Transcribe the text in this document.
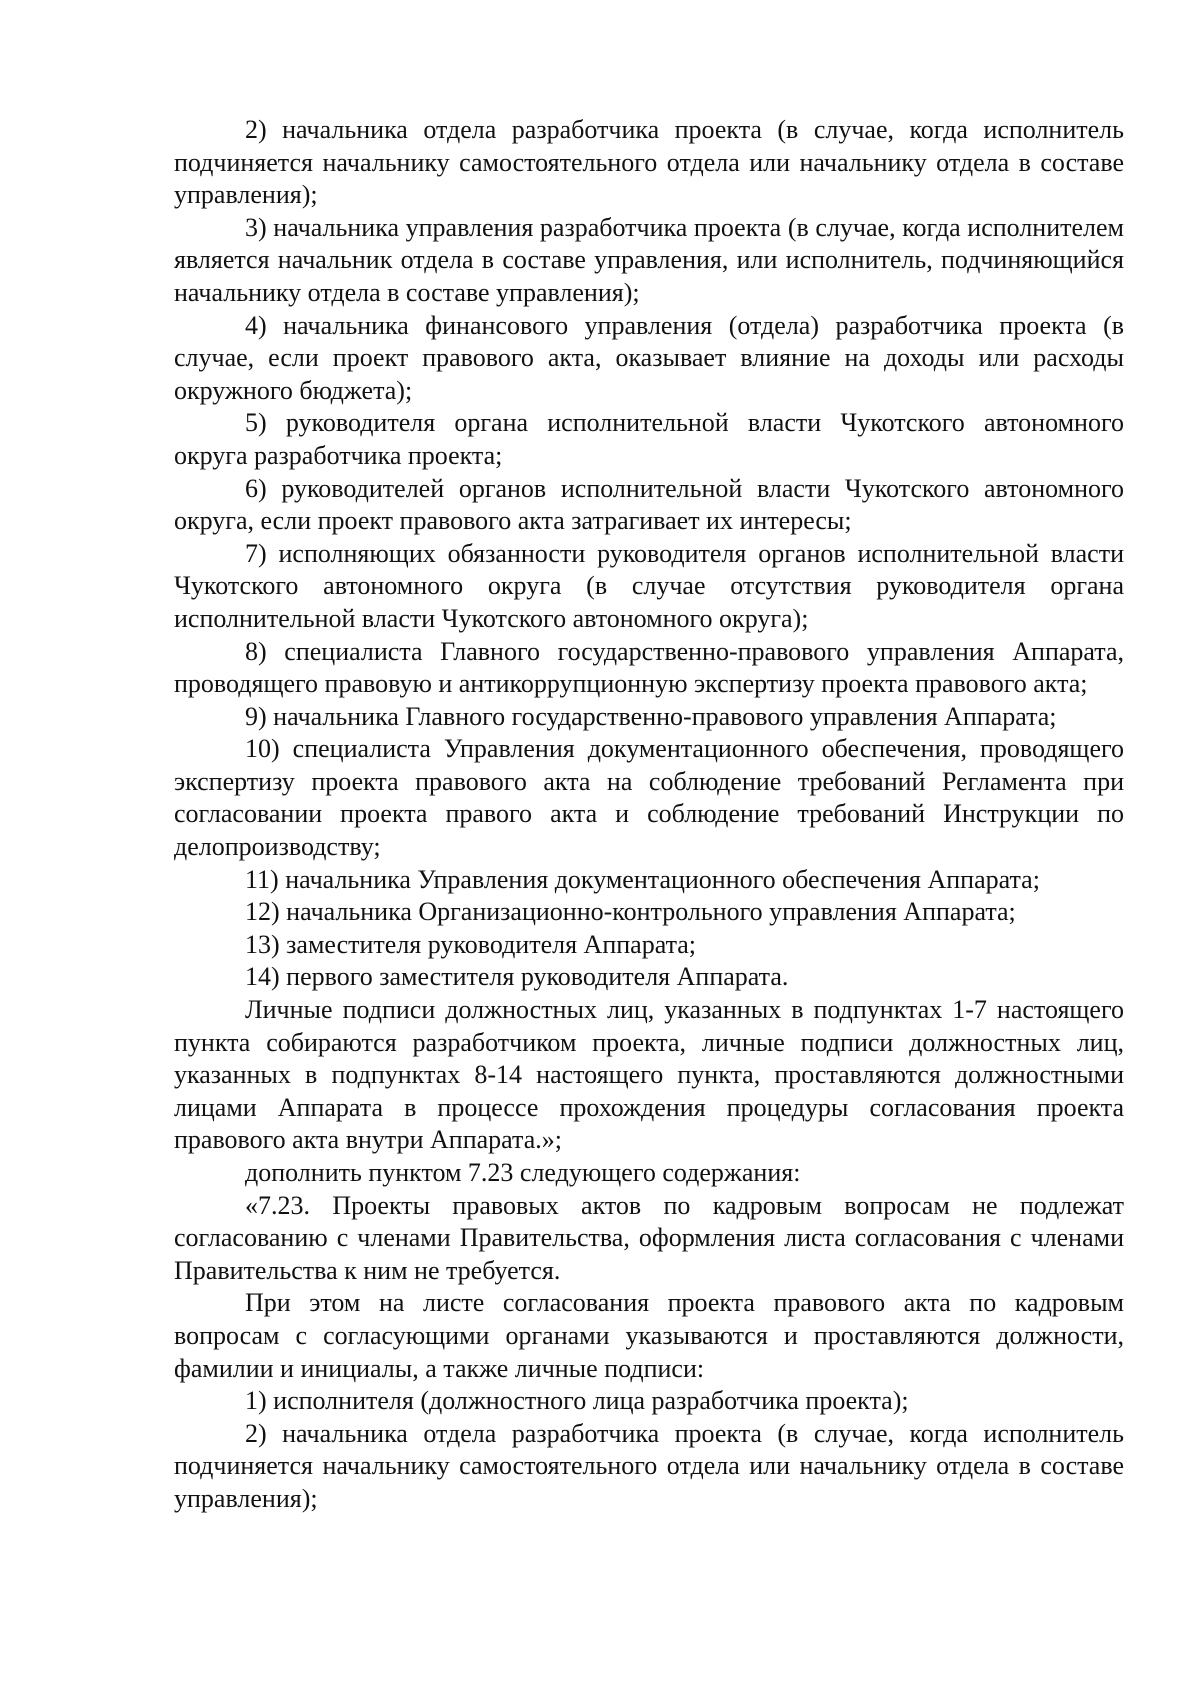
2) начальника отдела разработчика проекта (в случае, когда исполнитель подчиняется начальнику самостоятельного отдела или начальнику отдела в составе управления);

3) начальника управления разработчика проекта (в случае, когда исполнителем является начальник отдела в составе управления, или исполнитель, подчиняющийся начальнику отдела в составе управления);

4) начальника финансового управления (отдела) разработчика проекта (в случае, если проект правового акта, оказывает влияние на доходы или расходы окружного бюджета);

5) руководителя органа исполнительной власти Чукотского автономного округа разработчика проекта;

6) руководителей органов исполнительной власти Чукотского автономного округа, если проект правового акта затрагивает их интересы;

7) исполняющих обязанности руководителя органов исполнительной власти Чукотского автономного округа (в случае отсутствия руководителя органа исполнительной власти Чукотского автономного округа);

8) специалиста Главного государственно-правового управления Аппарата, проводящего правовую и антикоррупционную экспертизу проекта правового акта;

9) начальника Главного государственно-правового управления Аппарата;

10) специалиста Управления документационного обеспечения, проводящего экспертизу проекта правового акта на соблюдение требований Регламента при согласовании проекта правого акта и соблюдение требований Инструкции по делопроизводству;

11) начальника Управления документационного обеспечения Аппарата;

12) начальника Организационно-контрольного управления Аппарата;

13) заместителя руководителя Аппарата;

14) первого заместителя руководителя Аппарата.

Личные подписи должностных лиц, указанных в подпунктах 1-7 настоящего пункта собираются разработчиком проекта, личные подписи должностных лиц, указанных в подпунктах 8-14 настоящего пункта, проставляются должностными лицами Аппарата в процессе прохождения процедуры согласования проекта правового акта внутри Аппарата.»;

дополнить пунктом 7.23 следующего содержания:

«7.23. Проекты правовых актов по кадровым вопросам не подлежат согласованию с членами Правительства, оформления листа согласования с членами Правительства к ним не требуется.

При этом на листе согласования проекта правового акта по кадровым вопросам с согласующими органами указываются и проставляются должности, фамилии и инициалы, а также личные подписи:

1) исполнителя (должностного лица разработчика проекта);

2) начальника отдела разработчика проекта (в случае, когда исполнитель подчиняется начальнику самостоятельного отдела или начальнику отдела в составе управления);
